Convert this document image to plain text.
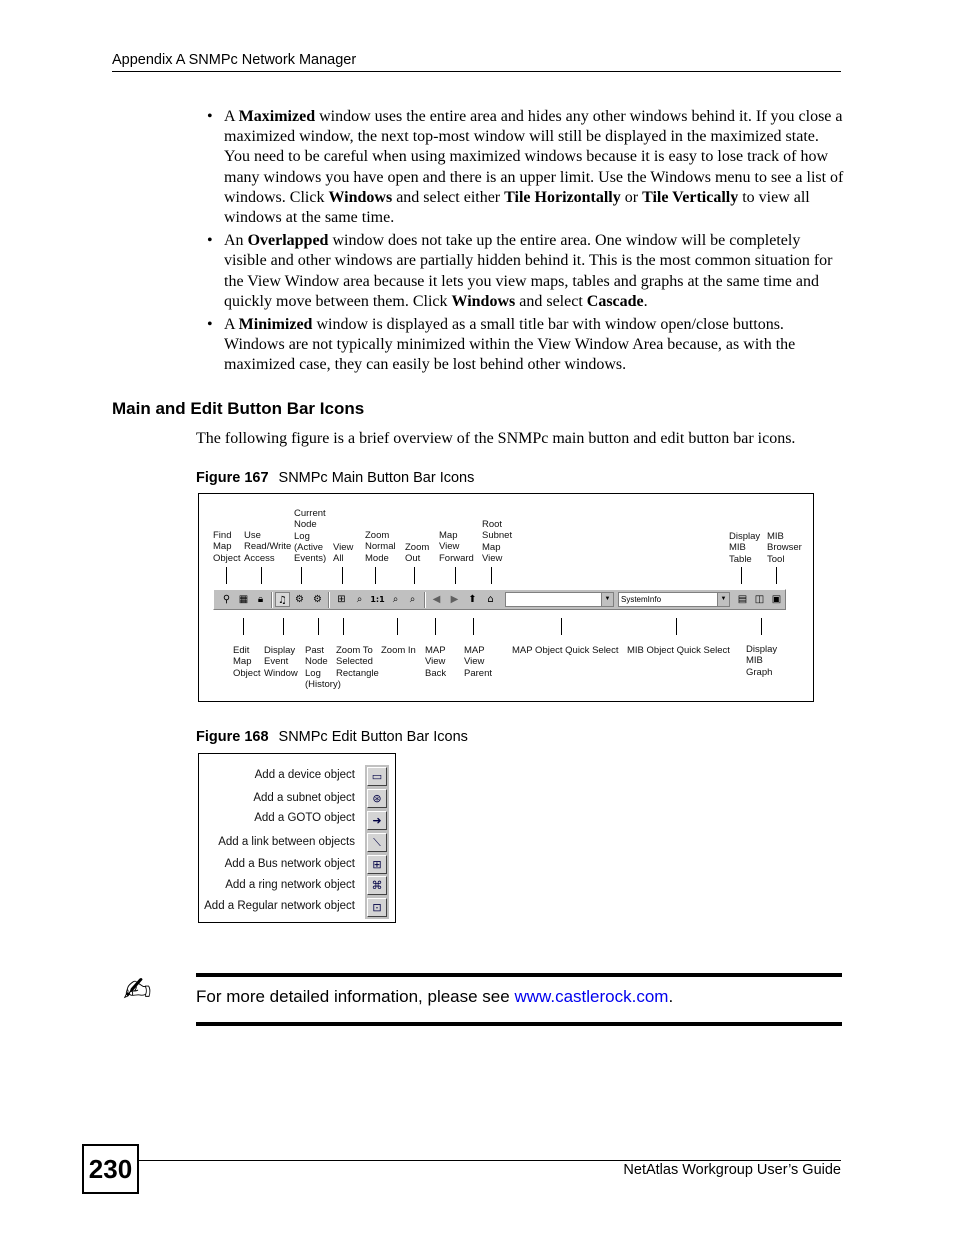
Appendix A SNMPc Network Manager
• A Maximized window uses the entire area and hides any other windows behind it. If you close a maximized window, the next top-most window will still be displayed in the maximized state. You need to be careful when using maximized windows because it is easy to lose track of how many windows you have open and there is an upper limit. Use the Windows menu to see a list of windows. Click Windows and select either Tile Horizontally or Tile Vertically to view all windows at the same time.
• An Overlapped window does not take up the entire area. One window will be completely visible and other windows are partially hidden behind it. This is the most common situation for the View Window area because it lets you view maps, tables and graphs at the same time and quickly move between them. Click Windows and select Cascade.
• A Minimized window is displayed as a small title bar with window open/close buttons. Windows are not typically minimized within the View Window Area because, as with the maximized case, they can easily be lost behind other windows.
Main and Edit Button Bar Icons
The following figure is a brief overview of the SNMPc main button and edit button bar icons.
Figure 167 SNMPc Main Button Bar Icons
Find
Map
Object
Use
Read/Write
Access
Current
Node
Log
(Active
Events)
View
All
Zoom
Normal
Mode
Zoom
Out
Map
View
Forward
Root
Subnet
Map
View
Display
MIB
Table
MIB
Browser
Tool
⚲ ▦ 🔒︎	♫ ⚙ ⚙	⊞	⌕	1:1 ⌕	⌕	◀	▶ ⬆	⌂	▼	SystemInfo	▼ ▤ ◫ ▣
Edit
Map
Object
Display
Event
Window
Past
Node
Log
(History)
Zoom To
Selected
Rectangle
Zoom In MAP
View
Back
MAP
View
Parent
MAP Object Quick Select MIB Object Quick Select Display
MIB
Graph
Figure 168 SNMPc Edit Button Bar Icons
Add a device object
Add a subnet object
Add a GOTO object
Add a link between objects
Add a Bus network object
Add a ring network object
Add a Regular network object
▭
⊛
➜
⟍
⊞
⌘
⊡
✍	For more detailed information, please see www.castlerock.com.
230	NetAtlas Workgroup User’s Guide
